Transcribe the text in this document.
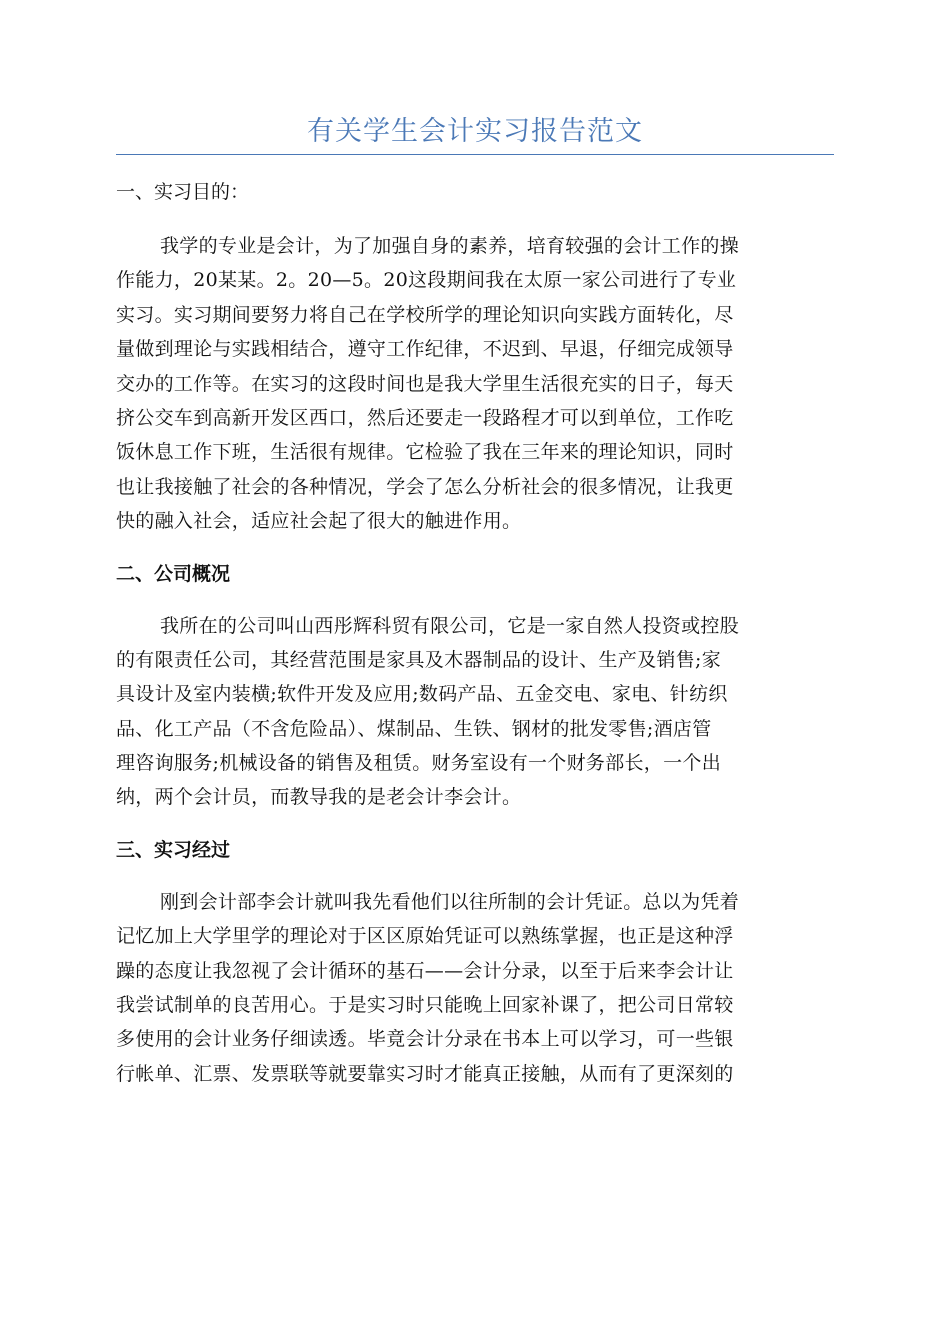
有关学生会计实习报告范文
一、实习目的：
我学的专业是会计，为了加强自身的素养，培育较强的会计工作的操
作能力，20某某。2。20—5。20这段期间我在太原一家公司进行了专业
实习。实习期间要努力将自己在学校所学的理论知识向实践方面转化，尽
量做到理论与实践相结合，遵守工作纪律，不迟到、早退，仔细完成领导
交办的工作等。在实习的这段时间也是我大学里生活很充实的日子，每天
挤公交车到高新开发区西口，然后还要走一段路程才可以到单位，工作吃
饭休息工作下班，生活很有规律。它检验了我在三年来的理论知识，同时
也让我接触了社会的各种情况，学会了怎么分析社会的很多情况，让我更
快的融入社会，适应社会起了很大的触进作用。
二、公司概况
我所在的公司叫山西彤辉科贸有限公司，它是一家自然人投资或控股
的有限责任公司，其经营范围是家具及木器制品的设计、生产及销售;家
具设计及室内装横;软件开发及应用;数码产品、五金交电、家电、针纺织
品、化工产品（不含危险品）、煤制品、生铁、钢材的批发零售;酒店管
理咨询服务;机械设备的销售及租赁。财务室设有一个财务部长，一个出
纳，两个会计员，而教导我的是老会计李会计。
三、实习经过
刚到会计部李会计就叫我先看他们以往所制的会计凭证。总以为凭着
记忆加上大学里学的理论对于区区原始凭证可以熟练掌握，也正是这种浮
躁的态度让我忽视了会计循环的基石——会计分录，以至于后来李会计让
我尝试制单的良苦用心。于是实习时只能晚上回家补课了，把公司日常较
多使用的会计业务仔细读透。毕竟会计分录在书本上可以学习，可一些银
行帐单、汇票、发票联等就要靠实习时才能真正接触，从而有了更深刻的
